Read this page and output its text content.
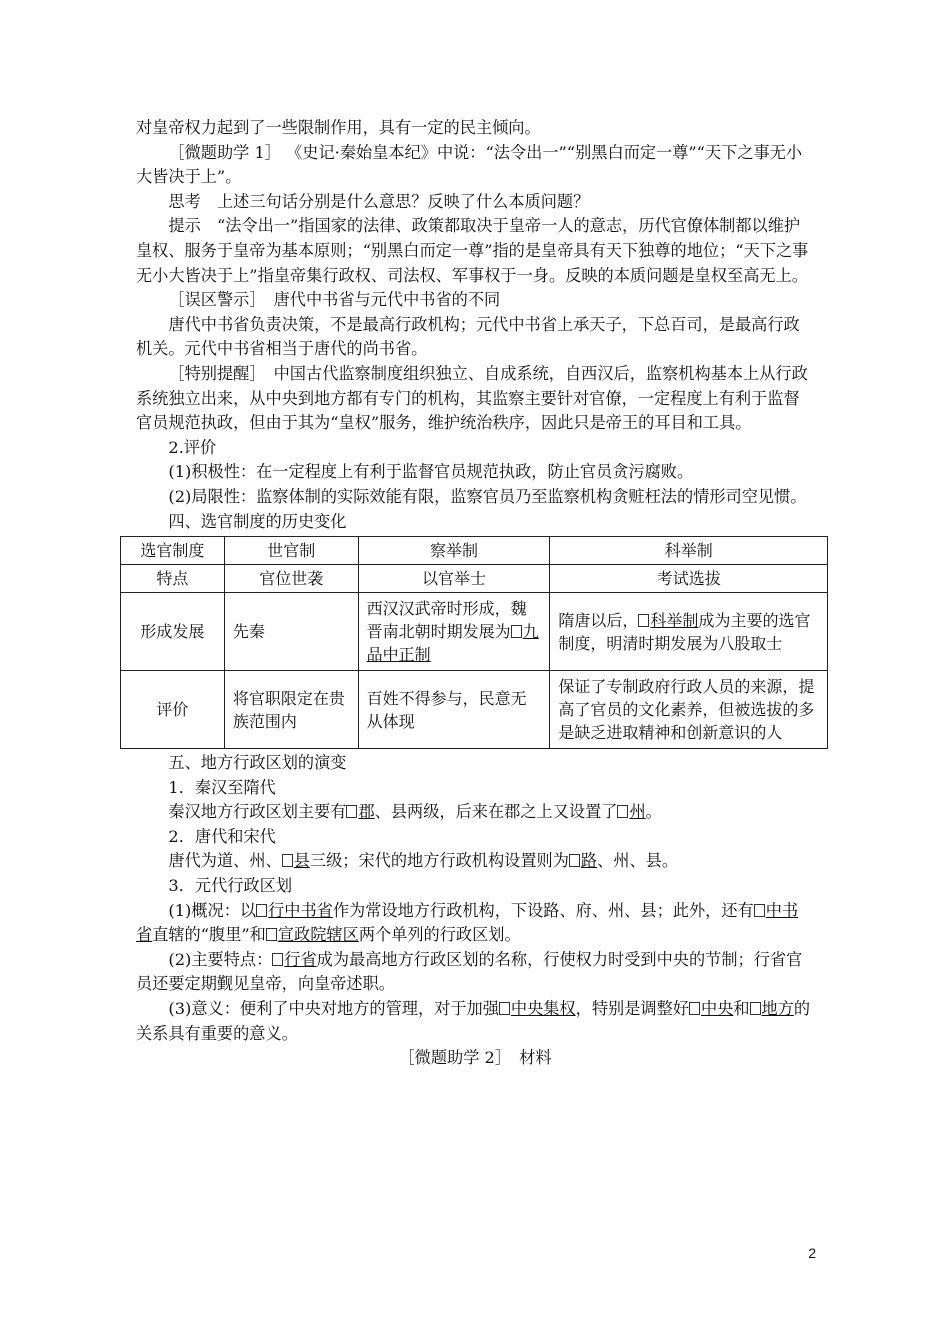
对皇帝权力起到了一些限制作用，具有一定的民主倾向。

［微题助学 1］ 《史记·秦始皇本纪》中说：“法令出一”“别黑白而定一尊”“天下之事无小大皆决于上”。

思考　上述三句话分别是什么意思？反映了什么本质问题？

提示　“法令出一”指国家的法律、政策都取决于皇帝一人的意志，历代官僚体制都以维护皇权、服务于皇帝为基本原则；“别黑白而定一尊”指的是皇帝具有天下独尊的地位；“天下之事无小大皆决于上”指皇帝集行政权、司法权、军事权于一身。反映的本质问题是皇权至高无上。

［误区警示］　唐代中书省与元代中书省的不同

唐代中书省负责决策，不是最高行政机构；元代中书省上承天子，下总百司，是最高行政机关。元代中书省相当于唐代的尚书省。

［特别提醒］　中国古代监察制度组织独立、自成系统，自西汉后，监察机构基本上从行政系统独立出来，从中央到地方都有专门的机构，其监察主要针对官僚，一定程度上有利于监督官员规范执政，但由于其为“皇权”服务，维护统治秩序，因此只是帝王的耳目和工具。

2.评价

(1)积极性：在一定程度上有利于监督官员规范执政，防止官员贪污腐败。

(2)局限性：监察体制的实际效能有限，监察官员乃至监察机构贪赃枉法的情形司空见惯。

四、选官制度的历史变化

选官制度	世官制	察举制	科举制
特点	官位世袭	以官举士	考试选拔
形成发展	先秦	西汉汉武帝时形成，魏晋南北朝时期发展为 九品中正制	隋唐以后， 科举制成为主要的选官制度，明清时期发展为八股取士
评价	将官职限定在贵族范围内	百姓不得参与，民意无从体现	保证了专制政府行政人员的来源，提高了官员的文化素养，但被选拔的多是缺乏进取精神和创新意识的人

五、地方行政区划的演变

1．秦汉至隋代

秦汉地方行政区划主要有 郡、县两级，后来在郡之上又设置了 州。

2．唐代和宋代

唐代为道、州、 县三级；宋代的地方行政机构设置则为 路、州、县。

3．元代行政区划

(1)概况：以 行中书省作为常设地方行政机构，下设路、府、州、县；此外，还有 中书省直辖的“腹里”和 宣政院辖区两个单列的行政区划。

(2)主要特点： 行省成为最高地方行政区划的名称，行使权力时受到中央的节制；行省官员还要定期觐见皇帝，向皇帝述职。

(3)意义：便利了中央对地方的管理，对于加强 中央集权，特别是调整好 中央和 地方的关系具有重要的意义。

［微题助学 2］　材料

2
